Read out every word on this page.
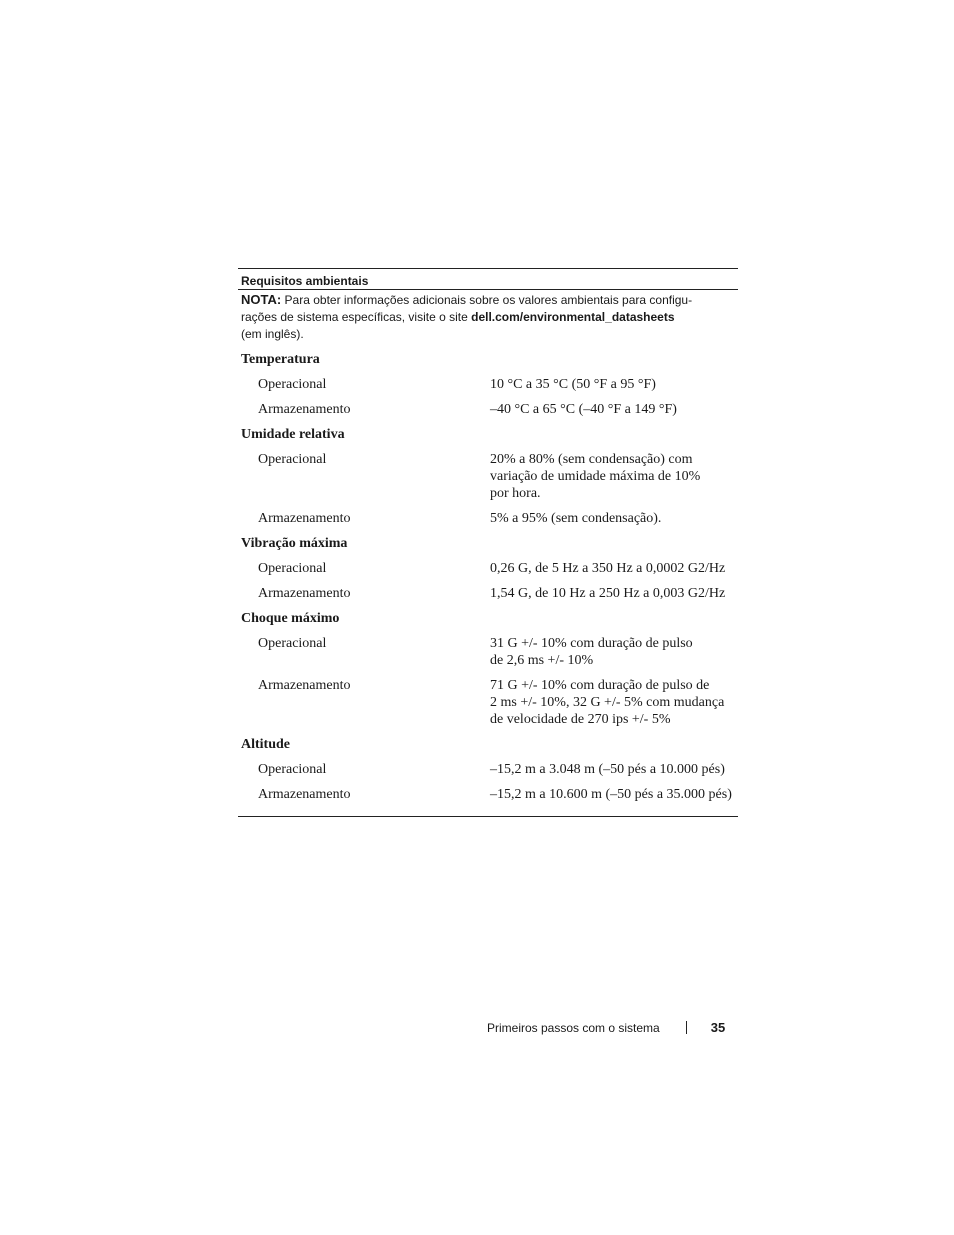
Requisitos ambientais
NOTA: Para obter informações adicionais sobre os valores ambientais para configu-
rações de sistema específicas, visite o site dell.com/environmental_datasheets
(em inglês).
Temperatura
Operacional	10 °C a 35 °C (50 °F a 95 °F)
Armazenamento	–40 °C a 65 °C (–40 °F a 149 °F)
Umidade relativa
Operacional	20% a 80% (sem condensação) com
variação de umidade máxima de 10%
por hora.
Armazenamento	5% a 95% (sem condensação).
Vibração máxima
Operacional	0,26 G, de 5 Hz a 350 Hz a 0,0002 G2/Hz
Armazenamento	1,54 G, de 10 Hz a 250 Hz a 0,003 G2/Hz
Choque máximo
Operacional	31 G +/- 10% com duração de pulso
de 2,6 ms +/- 10%
Armazenamento	71 G +/- 10% com duração de pulso de
2 ms +/- 10%, 32 G +/- 5% com mudança
de velocidade de 270 ips +/- 5%
Altitude
Operacional	–15,2 m a 3.048 m (–50 pés a 10.000 pés)
Armazenamento	–15,2 m a 10.600 m (–50 pés a 35.000 pés)
Primeiros passos com o sistema	35
